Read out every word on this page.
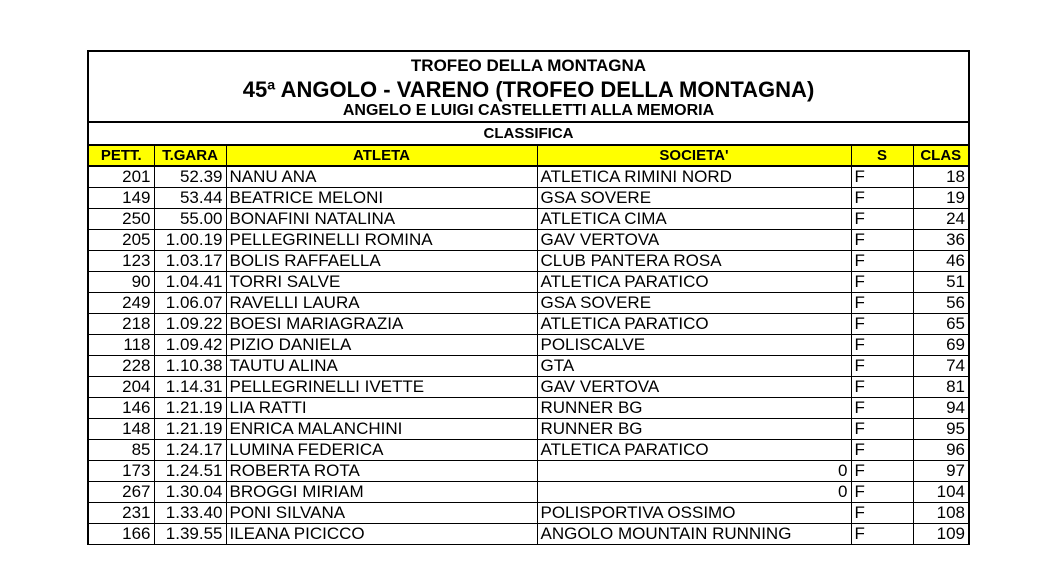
TROFEO DELLA MONTAGNA
45ª ANGOLO - VARENO (TROFEO DELLA MONTAGNA)
ANGELO E LUIGI CASTELLETTI ALLA MEMORIA
CLASSIFICA
PETT.	T.GARA	ATLETA	SOCIETA'	S	CLAS
201	52.39	NANU ANA	ATLETICA RIMINI NORD	F	18
149	53.44	BEATRICE MELONI	GSA SOVERE	F	19
250	55.00	BONAFINI NATALINA	ATLETICA CIMA	F	24
205	1.00.19	PELLEGRINELLI ROMINA	GAV VERTOVA	F	36
123	1.03.17	BOLIS RAFFAELLA	CLUB PANTERA ROSA	F	46
90	1.04.41	TORRI SALVE	ATLETICA PARATICO	F	51
249	1.06.07	RAVELLI LAURA	GSA SOVERE	F	56
218	1.09.22	BOESI MARIAGRAZIA	ATLETICA PARATICO	F	65
118	1.09.42	PIZIO DANIELA	POLISCALVE	F	69
228	1.10.38	TAUTU ALINA	GTA	F	74
204	1.14.31	PELLEGRINELLI IVETTE	GAV VERTOVA	F	81
146	1.21.19	LIA RATTI	RUNNER BG	F	94
148	1.21.19	ENRICA MALANCHINI	RUNNER BG	F	95
85	1.24.17	LUMINA FEDERICA	ATLETICA PARATICO	F	96
173	1.24.51	ROBERTA ROTA	0	F	97
267	1.30.04	BROGGI MIRIAM	0	F	104
231	1.33.40	PONI SILVANA	POLISPORTIVA OSSIMO	F	108
166	1.39.55	ILEANA PICICCO	ANGOLO MOUNTAIN RUNNING	F	109
